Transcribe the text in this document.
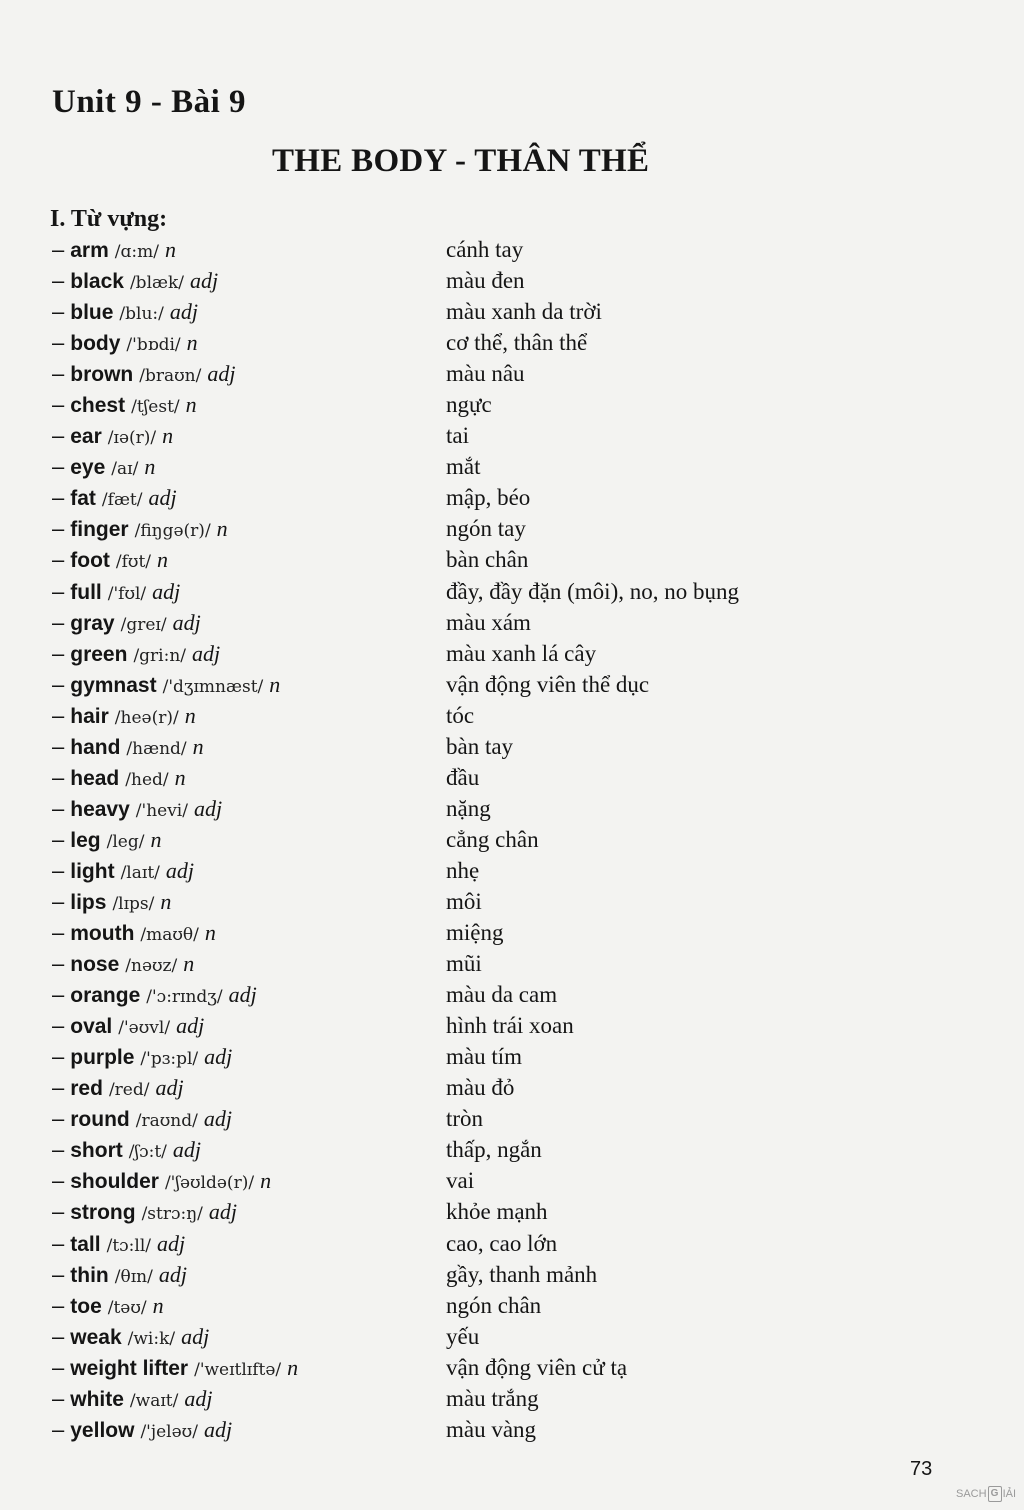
Unit 9 - Bài 9
THE BODY - THÂN THỂ
I. Từ vựng:
– arm /ɑ:m/ n	cánh tay
– black /blæk/ adj	màu đen
– blue /blu:/ adj	màu xanh da trời
– body /'bɒdi/ n	cơ thể, thân thể
– brown /braʊn/ adj	màu nâu
– chest /tʃest/ n	ngực
– ear /ɪə(r)/ n	tai
– eye /aɪ/ n	mắt
– fat /fæt/ adj	mập, béo
– finger /fiŋgə(r)/ n	ngón tay
– foot /fʊt/ n	bàn chân
– full /'fʊl/ adj	đầy, đầy đặn (môi), no, no bụng
– gray /greɪ/ adj	màu xám
– green /gri:n/ adj	màu xanh lá cây
– gymnast /'dʒɪmnæst/ n	vận động viên thể dục
– hair /heə(r)/ n	tóc
– hand /hænd/ n	bàn tay
– head /hed/ n	đầu
– heavy /'hevi/ adj	nặng
– leg /leg/ n	cẳng chân
– light /laɪt/ adj	nhẹ
– lips /lɪps/ n	môi
– mouth /maʊθ/ n	miệng
– nose /nəʊz/ n	mũi
– orange /'ɔ:rɪndʒ/ adj	màu da cam
– oval /'əʊvl/ adj	hình trái xoan
– purple /'pɜ:pl/ adj	màu tím
– red /red/ adj	màu đỏ
– round /raʊnd/ adj	tròn
– short /ʃɔ:t/ adj	thấp, ngắn
– shoulder /'ʃəʊldə(r)/ n	vai
– strong /strɔ:ŋ/ adj	khỏe mạnh
– tall /tɔ:ll/ adj	cao, cao lớn
– thin /θɪn/ adj	gầy, thanh mảnh
– toe /təʊ/ n	ngón chân
– weak /wi:k/ adj	yếu
– weight lifter /'weɪtlɪftə/ n	vận động viên cử tạ
– white /waɪt/ adj	màu trắng
– yellow /'jeləʊ/ adj	màu vàng
73
SACH G IẢI
